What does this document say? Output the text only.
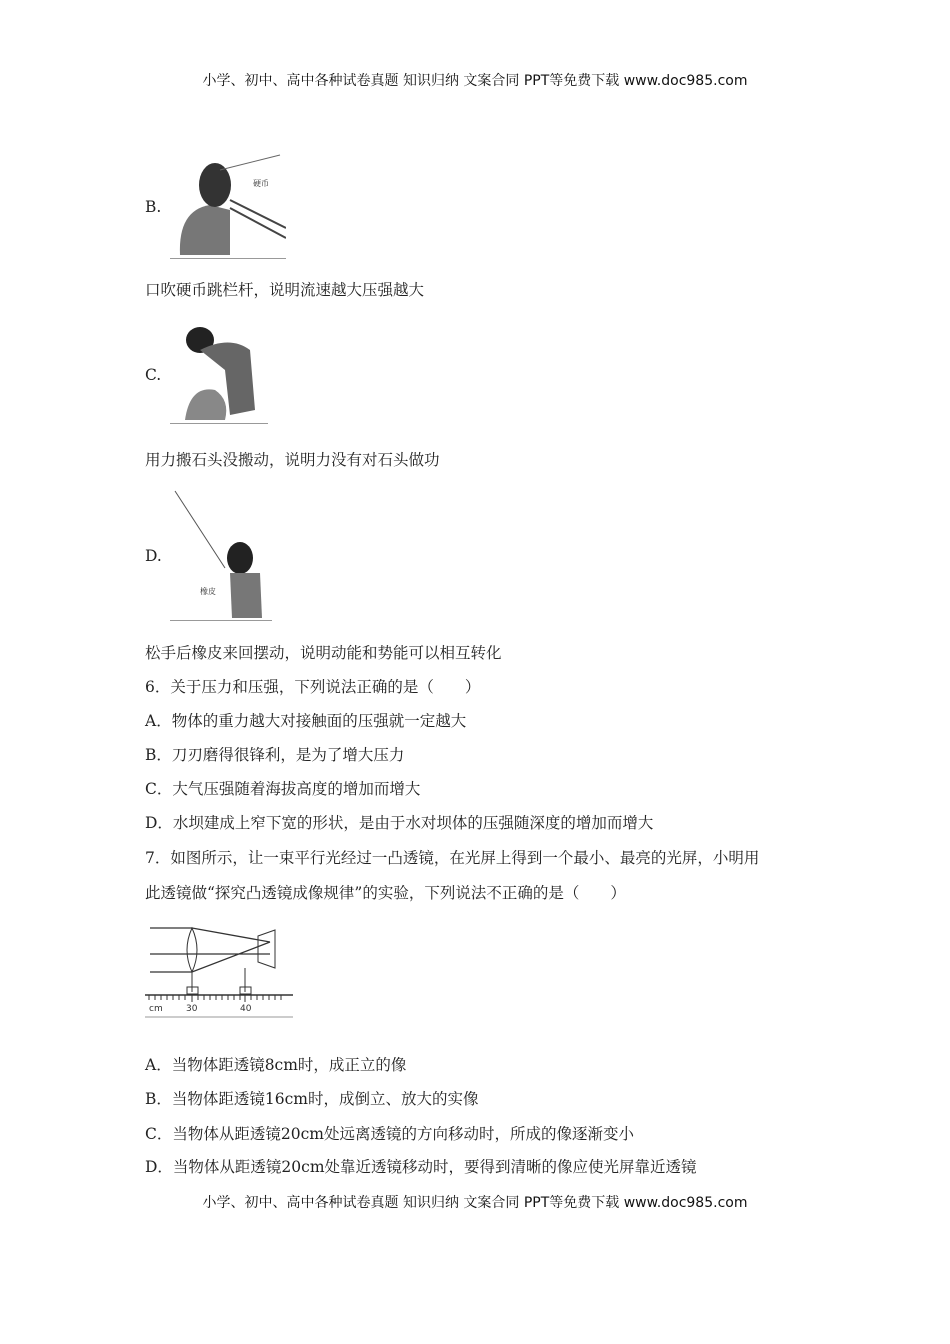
小学、初中、高中各种试卷真题 知识归纳 文案合同 PPT等免费下载 www.doc985.com
B.
硬币
口吹硬币跳栏杆，说明流速越大压强越大
C.
用力搬石头没搬动，说明力没有对石头做功
D.
橡皮
松手后橡皮来回摆动，说明动能和势能可以相互转化
6．关于压力和压强，下列说法正确的是（　　）
A．物体的重力越大对接触面的压强就一定越大
B．刀刃磨得很锋利，是为了增大压力
C．大气压强随着海拔高度的增加而增大
D．水坝建成上窄下宽的形状，是由于水对坝体的压强随深度的增加而增大
7．如图所示，让一束平行光经过一凸透镜，在光屏上得到一个最小、最亮的光屏，小明用
此透镜做“探究凸透镜成像规律”的实验，下列说法不正确的是（　　）
cm	30	40
A．当物体距透镜8cm时，成正立的像
B．当物体距透镜16cm时，成倒立、放大的实像
C．当物体从距透镜20cm处远离透镜的方向移动时，所成的像逐渐变小
D．当物体从距透镜20cm处靠近透镜移动时，要得到清晰的像应使光屏靠近透镜
小学、初中、高中各种试卷真题 知识归纳 文案合同 PPT等免费下载 www.doc985.com
